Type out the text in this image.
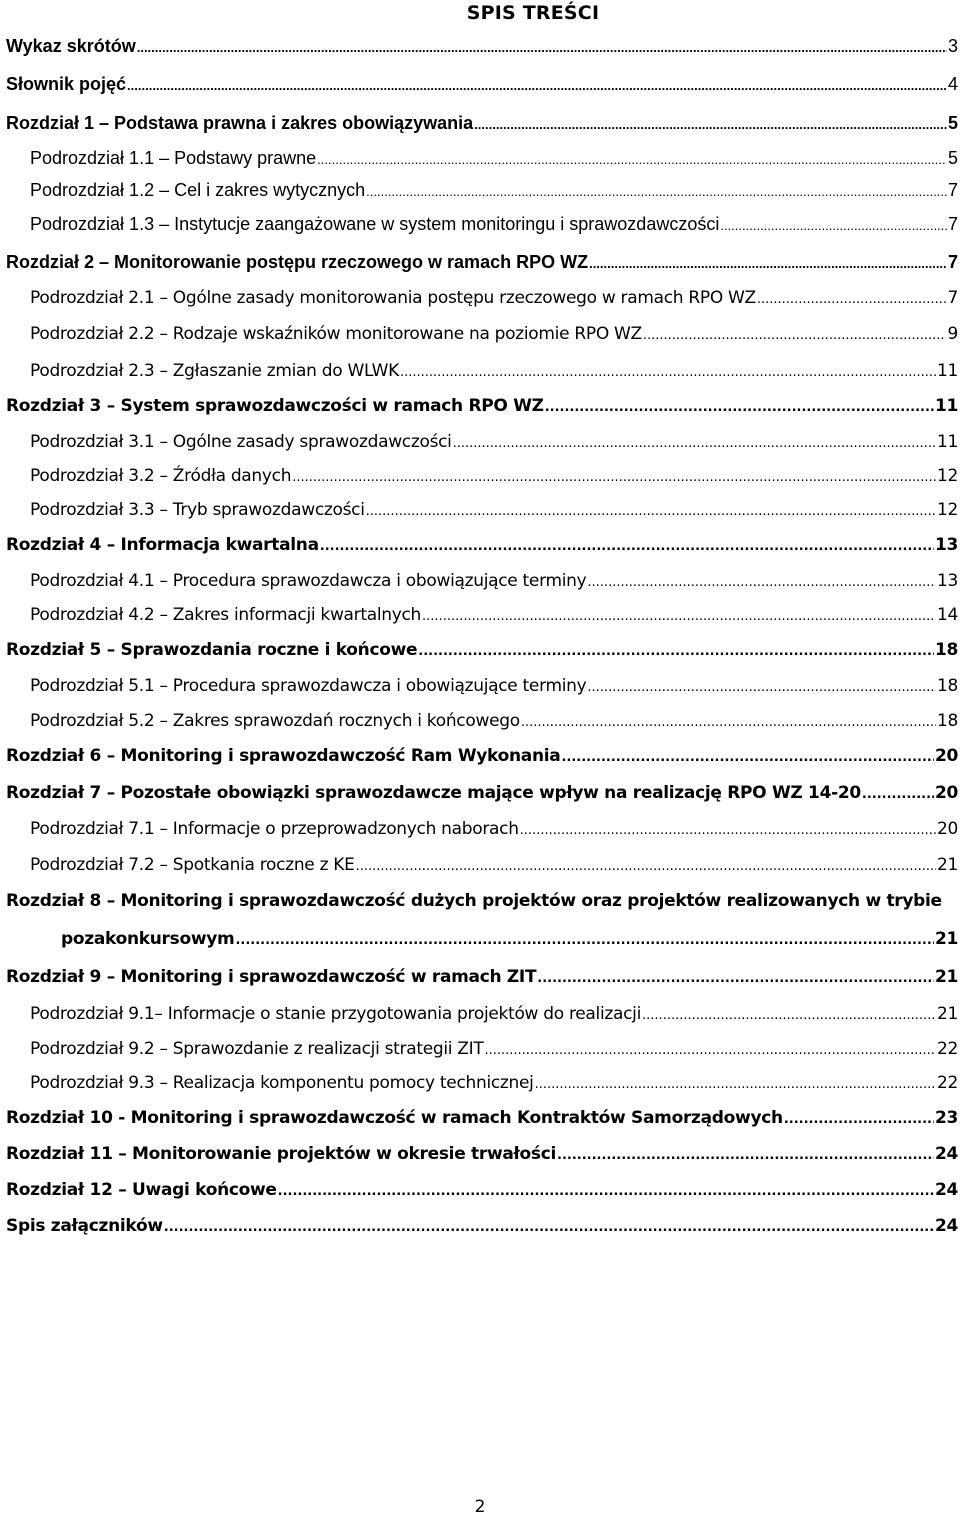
SPIS TREŚCI
Wykaz skrótów .....	3
Słownik pojęć .....	4
Rozdział 1 – Podstawa prawna i zakres obowiązywania .....	5
Podrozdział 1.1 – Podstawy prawne .....	5
Podrozdział 1.2 – Cel i zakres wytycznych .....	7
Podrozdział 1.3 – Instytucje zaangażowane w system monitoringu i sprawozdawczości .....	7
Rozdział 2 – Monitorowanie postępu rzeczowego w ramach RPO WZ .....	7
Podrozdział 2.1 – Ogólne zasady monitorowania postępu rzeczowego w ramach RPO WZ .....	7
Podrozdział 2.2 – Rodzaje wskaźników monitorowane na poziomie RPO WZ .....	9
Podrozdział 2.3 – Zgłaszanie zmian do WLWK .....	11
Rozdział 3 – System sprawozdawczości w ramach RPO WZ .....	11
Podrozdział 3.1 – Ogólne zasady sprawozdawczości .....	11
Podrozdział 3.2 – Źródła danych .....	12
Podrozdział 3.3 – Tryb sprawozdawczości .....	12
Rozdział 4 – Informacja kwartalna .....	13
Podrozdział 4.1 – Procedura sprawozdawcza i obowiązujące terminy .....	13
Podrozdział 4.2 – Zakres informacji kwartalnych .....	14
Rozdział 5 – Sprawozdania roczne i końcowe .....	18
Podrozdział 5.1 – Procedura sprawozdawcza i obowiązujące terminy .....	18
Podrozdział 5.2 – Zakres sprawozdań rocznych i końcowego .....	18
Rozdział 6 – Monitoring i sprawozdawczość Ram Wykonania .....	20
Rozdział 7 – Pozostałe obowiązki sprawozdawcze mające wpływ na realizację RPO WZ 14-20 .....	20
Podrozdział 7.1 – Informacje o przeprowadzonych naborach .....	20
Podrozdział 7.2 – Spotkania roczne z KE .....	21
Rozdział 8 – Monitoring i sprawozdawczość dużych projektów oraz projektów realizowanych w trybie
pozakonkursowym .....	21
Rozdział 9 – Monitoring i sprawozdawczość w ramach ZIT .....	21
Podrozdział 9.1– Informacje o stanie przygotowania projektów do realizacji .....	21
Podrozdział 9.2 – Sprawozdanie z realizacji strategii ZIT .....	22
Podrozdział 9.3 – Realizacja komponentu pomocy technicznej .....	22
Rozdział 10 - Monitoring i sprawozdawczość w ramach Kontraktów Samorządowych .....	23
Rozdział 11 – Monitorowanie projektów w okresie trwałości .....	24
Rozdział 12 – Uwagi końcowe .....	24
Spis załączników .....	24
2
